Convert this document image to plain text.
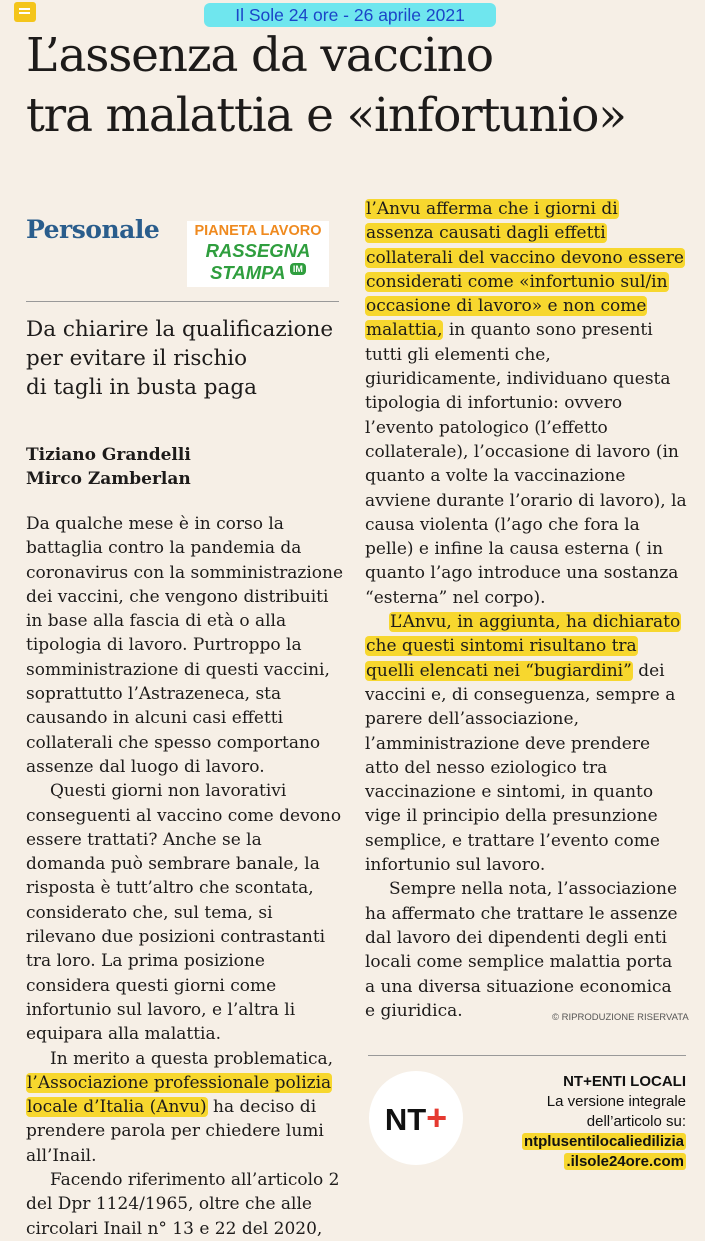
Il Sole 24 ore - 26 aprile 2021
L’assenza da vaccino
tra malattia e «infortunio»
Personale	PIANETA LAVORO
RASSEGNA
STAMPA IM
Da chiarire la qualificazione
per evitare il rischio
di tagli in busta paga
Tiziano Grandelli
Mirco Zamberlan

Da qualche mese è in corso la battaglia contro la pandemia da coronavirus con la somministrazione dei vaccini, che vengono distribuiti in base alla fascia di età o alla tipologia di lavoro. Purtroppo la somministrazione di questi vaccini, soprattutto l’Astrazeneca, sta causando in alcuni casi effetti collaterali che spesso comportano assenze dal luogo di lavoro.

Questi giorni non lavorativi conseguenti al vaccino come devono essere trattati? Anche se la domanda può sembrare banale, la risposta è tutt’altro che scontata, considerato che, sul tema, si rilevano due posizioni contrastanti tra loro. La prima posizione considera questi giorni come infortunio sul lavoro, e l’altra li equipara alla malattia.

In merito a questa problematica, l’Associazione professionale polizia locale d’Italia (Anvu) ha deciso di prendere parola per chiedere lumi all’Inail.

Facendo riferimento all’articolo 2 del Dpr 1124/1965, oltre che alle circolari Inail n° 13 e 22 del 2020,

l’Anvu afferma che i giorni di assenza causati dagli effetti collaterali del vaccino devono essere considerati come «infortunio sul/in occasione di lavoro» e non come malattia, in quanto sono presenti tutti gli elementi che, giuridicamente, individuano questa tipologia di infortunio: ovvero l’evento patologico (l’effetto collaterale), l’occasione di lavoro (in quanto a volte la vaccinazione avviene durante l’orario di lavoro), la causa violenta (l’ago che fora la pelle) e infine la causa esterna ( in quanto l’ago introduce una sostanza “esterna” nel corpo).

L’Anvu, in aggiunta, ha dichiarato che questi sintomi risultano tra quelli elencati nei “bugiardini” dei vaccini e, di conseguenza, sempre a parere dell’associazione, l’amministrazione deve prendere atto del nesso eziologico tra vaccinazione e sintomi, in quanto vige il principio della presunzione semplice, e trattare l’evento come infortunio sul lavoro.

Sempre nella nota, l’associazione ha affermato che trattare le assenze dal lavoro dei dipendenti degli enti locali come semplice malattia porta a una diversa situazione economica e giuridica.	© RIPRODUZIONE RISERVATA
NT+
NT+ENTI LOCALI
La versione integrale
dell’articolo su:
ntplusentilocaliedilizia
.ilsole24ore.com
